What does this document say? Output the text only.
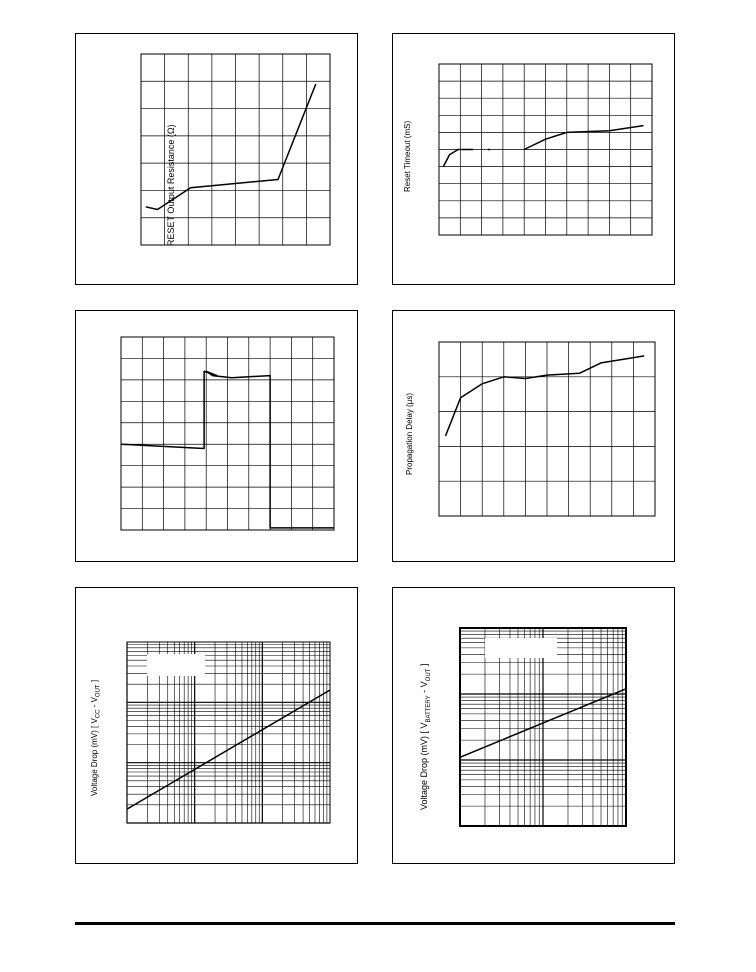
RESET Output Resistance (Ω)	Reset Timeout (mS)
Propagation Delay (µs)
Voltage Drop (mV) [ $V_{CC} - V_{OUT}$ ]
Voltage Drop (mV) [ $V_{BATTERY} - V_{OUT}$ ]
